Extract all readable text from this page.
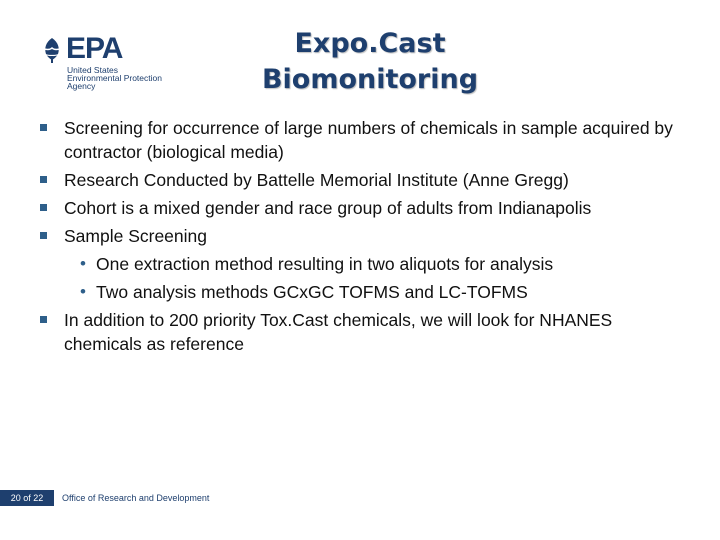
EPA
United States
Environmental Protection
Agency
Expo.Cast
Biomonitoring
Screening for occurrence of large numbers of chemicals in sample acquired by contractor (biological media)
Research Conducted by Battelle Memorial Institute (Anne Gregg)
Cohort is a mixed gender and race group of adults from Indianapolis
Sample Screening
• One extraction method resulting in two aliquots for analysis
• Two analysis methods GCxGC TOFMS and LC-TOFMS
In addition to 200 priority Tox.Cast chemicals, we will look for NHANES chemicals as reference
20 of 22	Office of Research and Development
